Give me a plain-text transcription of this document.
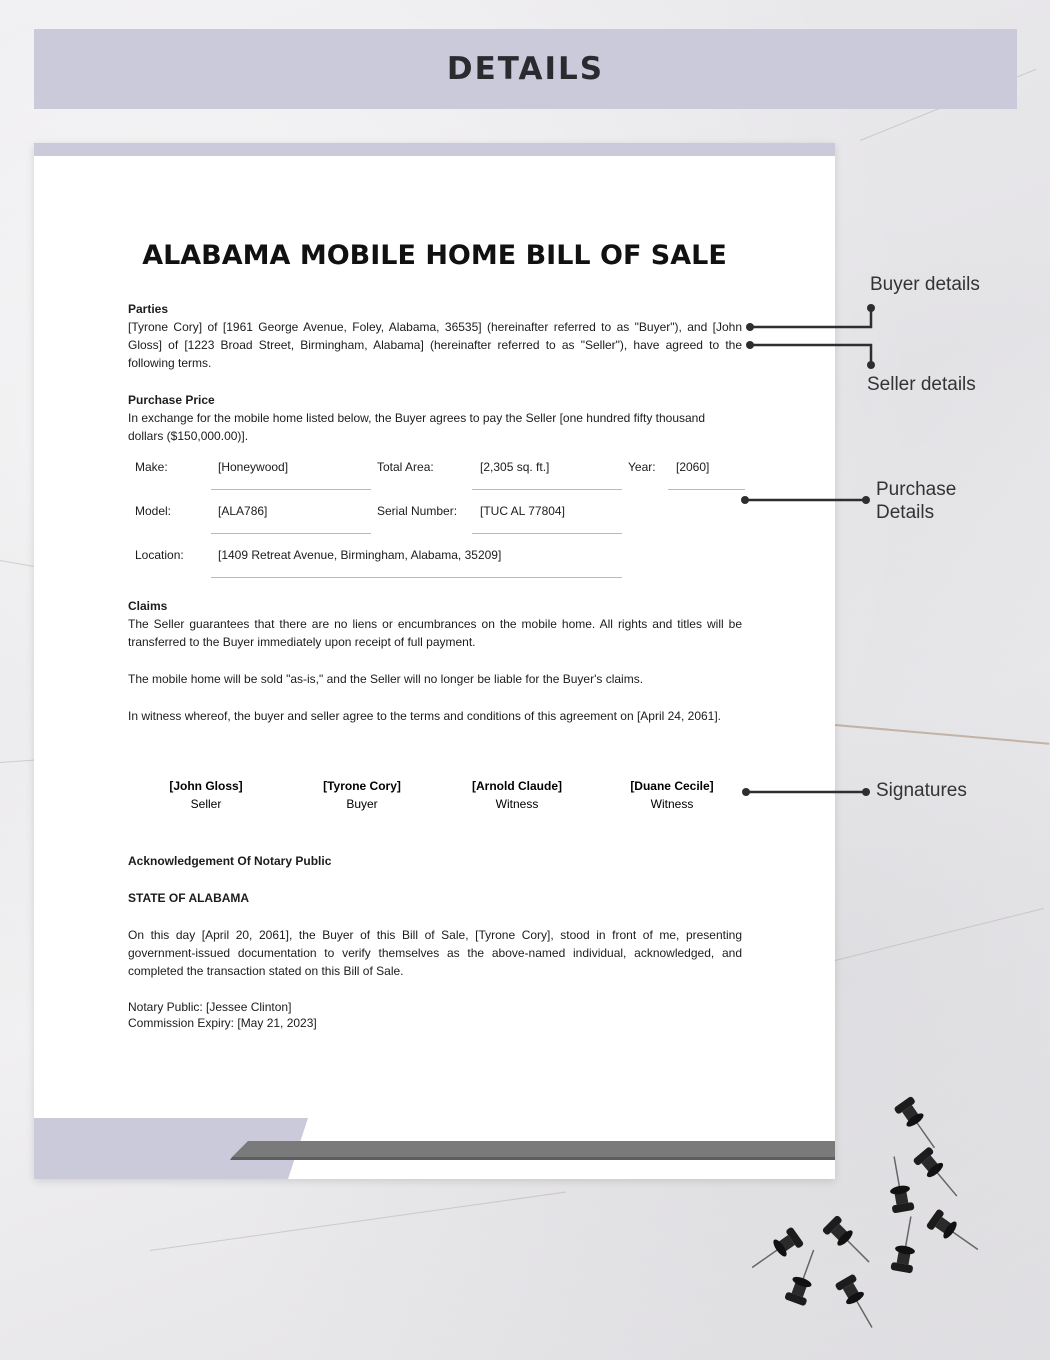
DETAILS
ALABAMA MOBILE HOME BILL OF SALE
Parties

[Tyrone Cory] of [1961 George Avenue, Foley, Alabama, 36535] (hereinafter referred to as "Buyer"), and [John Gloss] of [1223 Broad Street, Birmingham, Alabama] (hereinafter referred to as "Seller"), have agreed to the following terms.

Purchase Price

In exchange for the mobile home listed below, the Buyer agrees to pay the Seller [one hundred fifty thousand dollars ($150,000.00)].

Make:	[Honeywood]	Total Area:	[2,305 sq. ft.]	Year: [2060]
Model:	[ALA786]	Serial Number: [TUC AL 77804]
Location:	[1409 Retreat Avenue, Birmingham, Alabama, 35209]
Claims

The Seller guarantees that there are no liens or encumbrances on the mobile home. All rights and titles will be transferred to the Buyer immediately upon receipt of full payment.

The mobile home will be sold "as-is," and the Seller will no longer be liable for the Buyer's claims.

In witness whereof, the buyer and seller agree to the terms and conditions of this agreement on [April 24, 2061].

[John Gloss]
Seller
[Tyrone Cory]
Buyer
[Arnold Claude]
Witness
[Duane Cecile]
Witness
Acknowledgement Of Notary Public
STATE OF ALABAMA

On this day [April 20, 2061], the Buyer of this Bill of Sale, [Tyrone Cory], stood in front of me, presenting government-issued documentation to verify themselves as the above-named individual, acknowledged, and completed the transaction stated on this Bill of Sale.

Notary Public: [Jessee Clinton]
Commission Expiry: [May 21, 2023]
Buyer details
Seller details
Purchase
Details
Signatures
